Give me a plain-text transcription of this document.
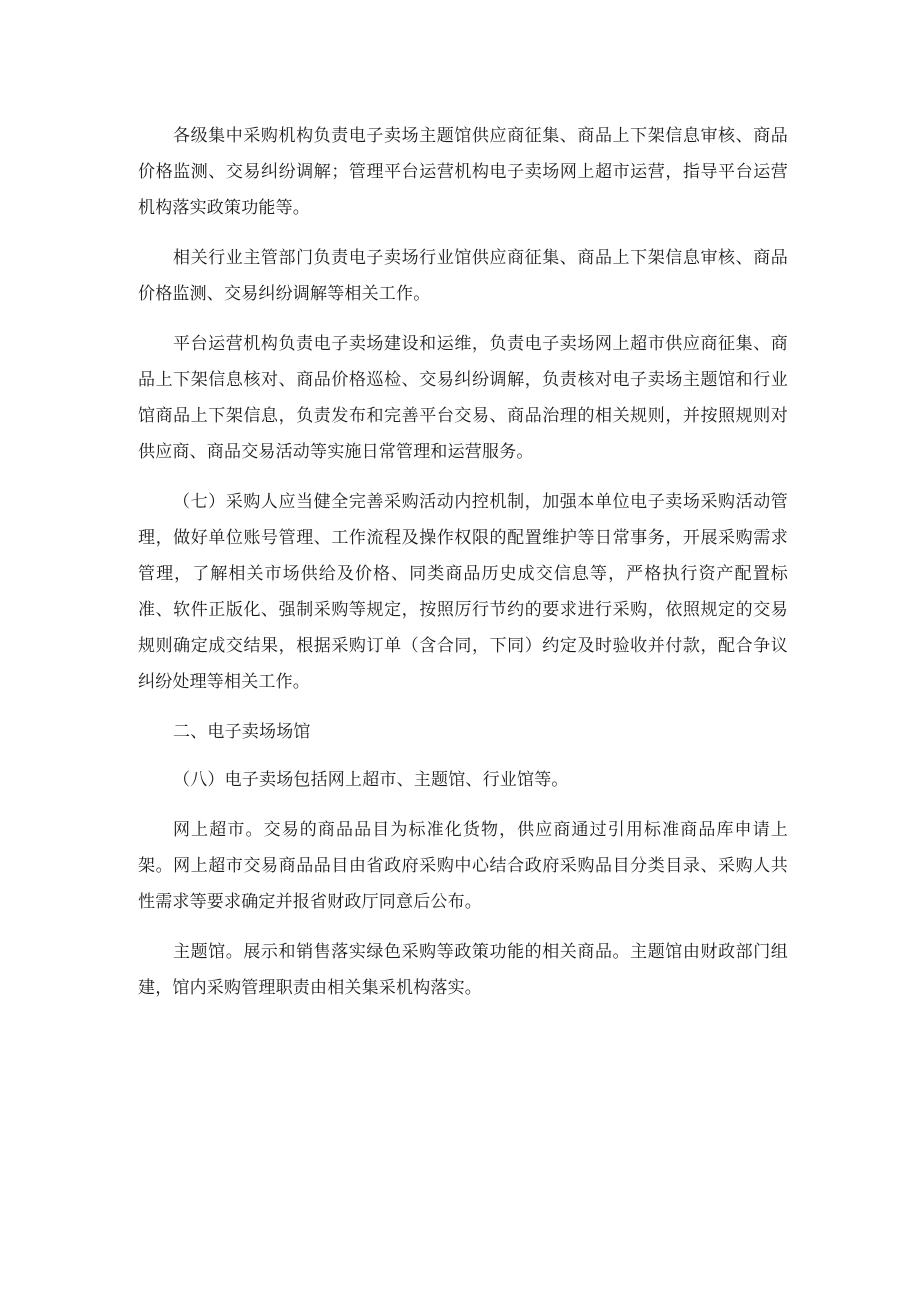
各级集中采购机构负责电子卖场主题馆供应商征集、商品上下架信息审核、商品价格监测、交易纠纷调解；管理平台运营机构电子卖场网上超市运营，指导平台运营机构落实政策功能等。

相关行业主管部门负责电子卖场行业馆供应商征集、商品上下架信息审核、商品价格监测、交易纠纷调解等相关工作。

平台运营机构负责电子卖场建设和运维，负责电子卖场网上超市供应商征集、商品上下架信息核对、商品价格巡检、交易纠纷调解，负责核对电子卖场主题馆和行业馆商品上下架信息，负责发布和完善平台交易、商品治理的相关规则，并按照规则对供应商、商品交易活动等实施日常管理和运营服务。

（七）采购人应当健全完善采购活动内控机制，加强本单位电子卖场采购活动管理，做好单位账号管理、工作流程及操作权限的配置维护等日常事务，开展采购需求管理，了解相关市场供给及价格、同类商品历史成交信息等，严格执行资产配置标准、软件正版化、强制采购等规定，按照厉行节约的要求进行采购，依照规定的交易规则确定成交结果，根据采购订单（含合同，下同）约定及时验收并付款，配合争议纠纷处理等相关工作。

二、电子卖场场馆

（八）电子卖场包括网上超市、主题馆、行业馆等。

网上超市。交易的商品品目为标准化货物，供应商通过引用标准商品库申请上架。网上超市交易商品品目由省政府采购中心结合政府采购品目分类目录、采购人共性需求等要求确定并报省财政厅同意后公布。

主题馆。展示和销售落实绿色采购等政策功能的相关商品。主题馆由财政部门组建，馆内采购管理职责由相关集采机构落实。
